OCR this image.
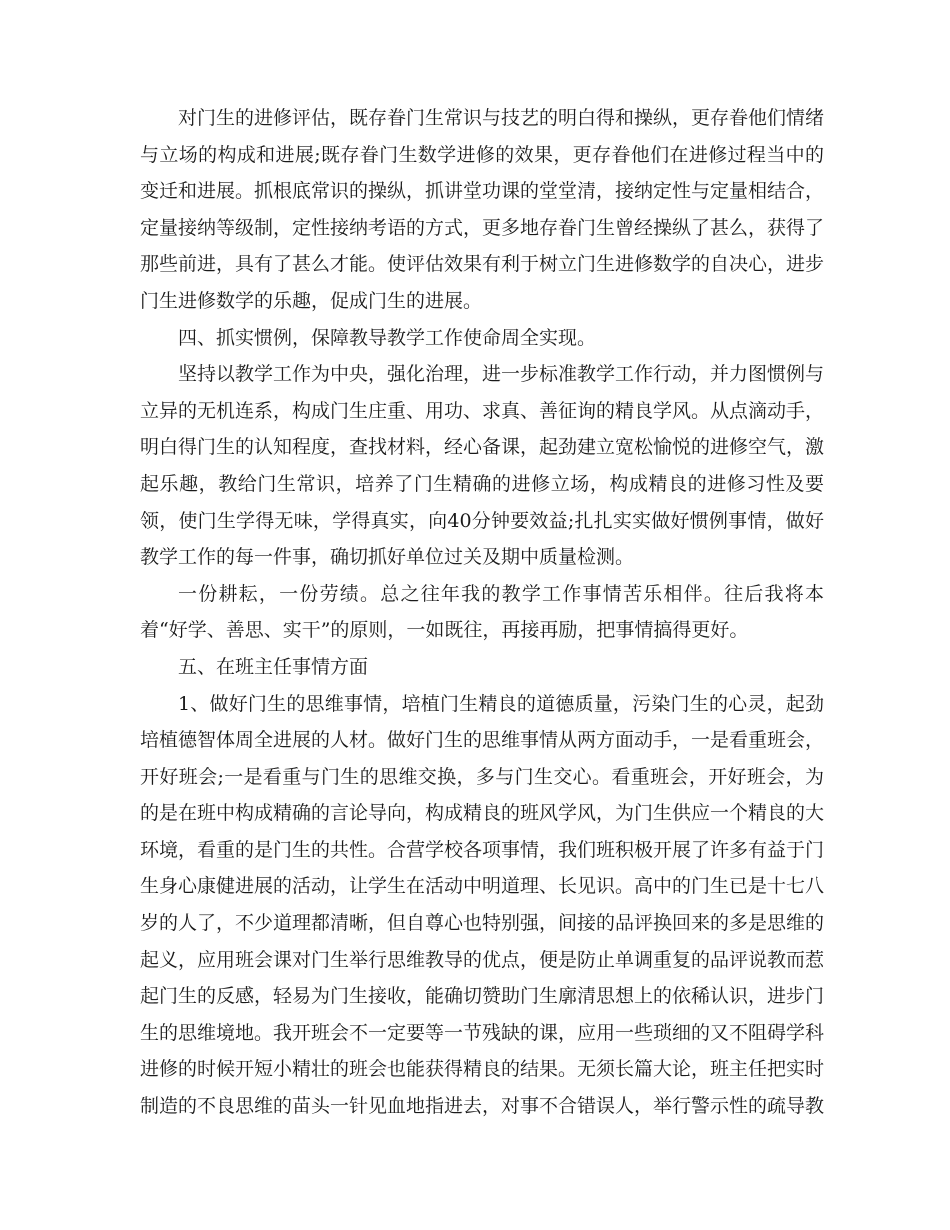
对门生的进修评估，既存眷门生常识与技艺的明白得和操纵，更存眷他们情绪与立场的构成和进展;既存眷门生数学进修的效果，更存眷他们在进修过程当中的变迁和进展。抓根底常识的操纵，抓讲堂功课的堂堂清，接纳定性与定量相结合，定量接纳等级制，定性接纳考语的方式，更多地存眷门生曾经操纵了甚么，获得了那些前进，具有了甚么才能。使评估效果有利于树立门生进修数学的自决心，进步门生进修数学的乐趣，促成门生的进展。

四、抓实惯例，保障教导教学工作使命周全实现。

坚持以教学工作为中央，强化治理，进一步标准教学工作行动，并力图惯例与立异的无机连系，构成门生庄重、用功、求真、善征询的精良学风。从点滴动手，明白得门生的认知程度，查找材料，经心备课，起劲建立宽松愉悦的进修空气，激起乐趣，教给门生常识，培养了门生精确的进修立场，构成精良的进修习性及要领，使门生学得无味，学得真实，向40分钟要效益;扎扎实实做好惯例事情，做好教学工作的每一件事，确切抓好单位过关及期中质量检测。

一份耕耘，一份劳绩。总之往年我的教学工作事情苦乐相伴。往后我将本着“好学、善思、实干”的原则，一如既往，再接再励，把事情搞得更好。

五、在班主任事情方面

1、做好门生的思维事情，培植门生精良的道德质量，污染门生的心灵，起劲培植德智体周全进展的人材。做好门生的思维事情从两方面动手，一是看重班会，开好班会;一是看重与门生的思维交换，多与门生交心。看重班会，开好班会，为的是在班中构成精确的言论导向，构成精良的班风学风，为门生供应一个精良的大环境，看重的是门生的共性。合营学校各项事情，我们班积极开展了许多有益于门生身心康健进展的活动，让学生在活动中明道理、长见识。高中的门生已是十七八岁的人了，不少道理都清晰，但自尊心也特别强，间接的品评换回来的多是思维的起义，应用班会课对门生举行思维教导的优点，便是防止单调重复的品评说教而惹起门生的反感，轻易为门生接收，能确切赞助门生廓清思想上的依稀认识，进步门生的思维境地。我开班会不一定要等一节残缺的课，应用一些琐细的又不阻碍学科进修的时候开短小精壮的班会也能获得精良的结果。无须长篇大论，班主任把实时制造的不良思维的苗头一针见血地指进去，对事不合错误人，举行警示性的疏导教
